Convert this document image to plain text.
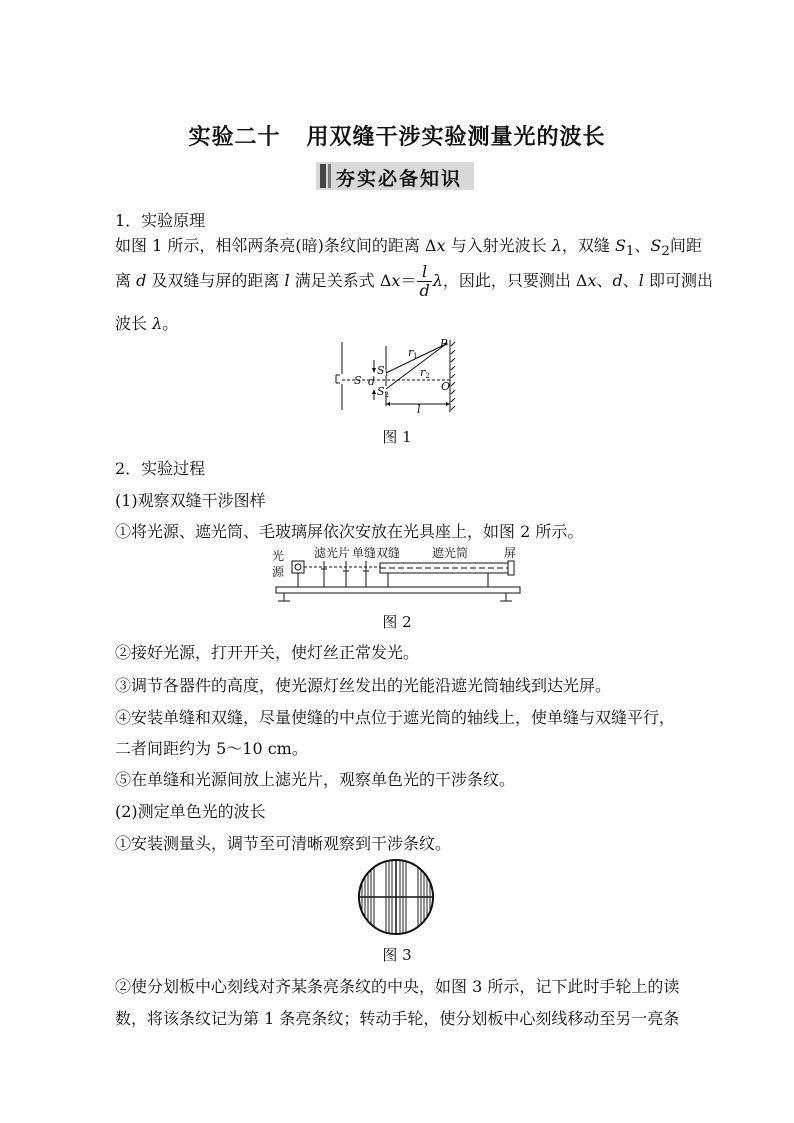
实验二十 用双缝干涉实验测量光的波长
夯实必备知识
1．实验原理
如图 1 所示，相邻两条亮(暗)条纹间的距离 Δx 与入射光波长 λ，双缝 $S_1$、$S_2$间距
离 d 及双缝与屏的距离 l 满足关系式 $\Delta x= \frac{l}{d}$ λ，因此，只要测出 Δx、d、l 即可测出
波长 λ。
S d
S1
S2
r1
r2
P
O
l
图 1
2．实验过程
(1)观察双缝干涉图样
①将光源、遮光筒、毛玻璃屏依次安放在光具座上，如图 2 所示。
光
源
滤光片 单缝 双缝	遮光筒	屏
图 2
②接好光源，打开开关，使灯丝正常发光。
③调节各器件的高度，使光源灯丝发出的光能沿遮光筒轴线到达光屏。
④安装单缝和双缝，尽量使缝的中点位于遮光筒的轴线上，使单缝与双缝平行，
二者间距约为 5～10 cm。
⑤在单缝和光源间放上滤光片，观察单色光的干涉条纹。
(2)测定单色光的波长
①安装测量头，调节至可清晰观察到干涉条纹。
图 3
②使分划板中心刻线对齐某条亮条纹的中央，如图 3 所示，记下此时手轮上的读
数，将该条纹记为第 1 条亮条纹；转动手轮，使分划板中心刻线移动至另一亮条
